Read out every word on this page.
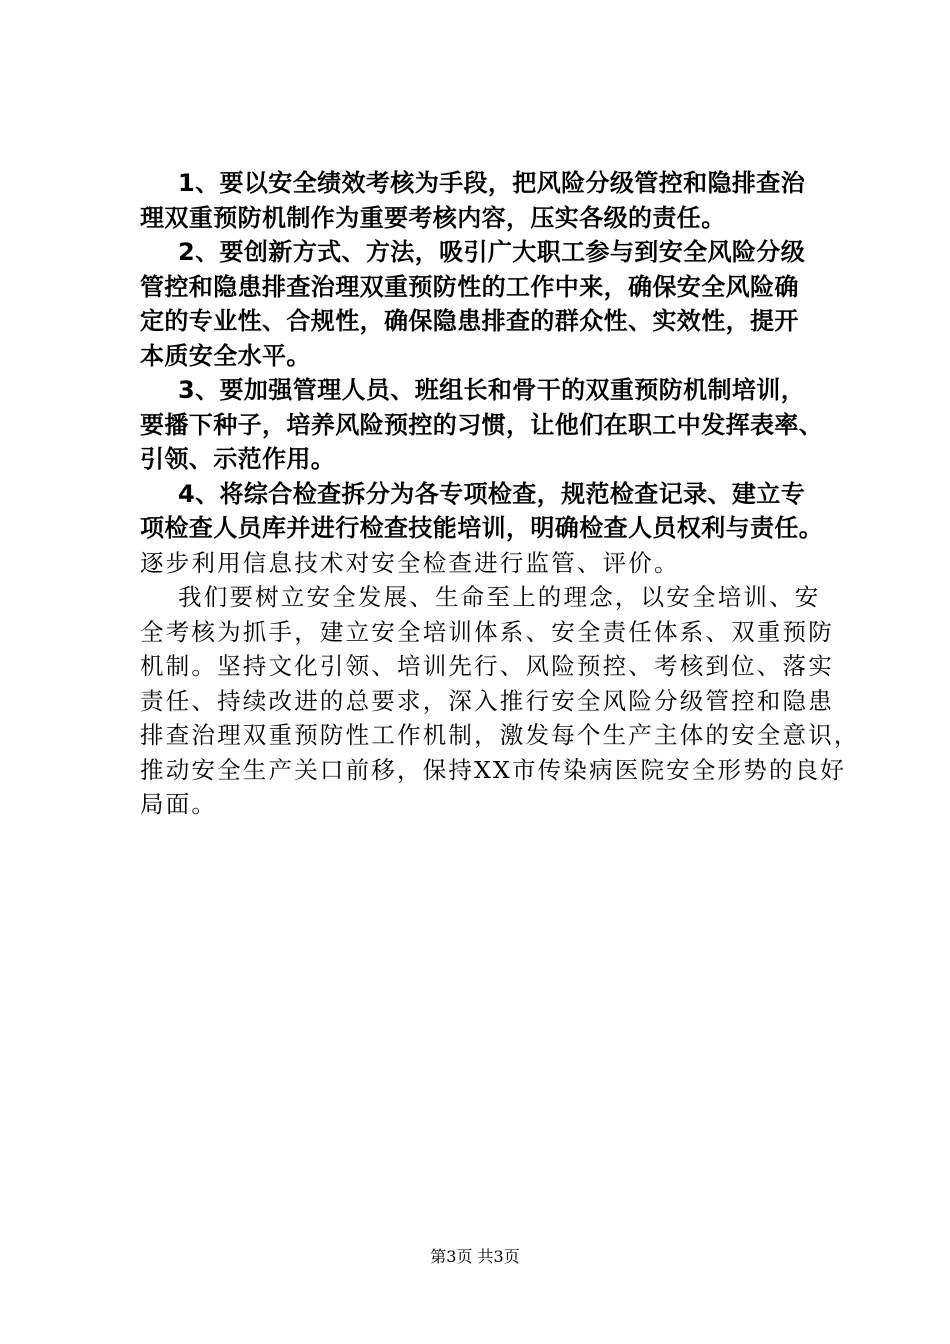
1、要以安全绩效考核为手段，把风险分级管控和隐排查治
理双重预防机制作为重要考核内容，压实各级的责任。
2、要创新方式、方法，吸引广大职工参与到安全风险分级
管控和隐患排查治理双重预防性的工作中来，确保安全风险确
定的专业性、合规性，确保隐患排查的群众性、实效性，提开
本质安全水平。
3、要加强管理人员、班组长和骨干的双重预防机制培训，
要播下种子，培养风险预控的习惯，让他们在职工中发挥表率、
引领、示范作用。
4、将综合检查拆分为各专项检查，规范检查记录、建立专
项检查人员库并进行检查技能培训，明确检查人员权利与责任。
逐步利用信息技术对安全检查进行监管、评价。
我们要树立安全发展、生命至上的理念，以安全培训、安
全考核为抓手，建立安全培训体系、安全责任体系、双重预防
机制。坚持文化引领、培训先行、风险预控、考核到位、落实
责任、持续改进的总要求，深入推行安全风险分级管控和隐患
排查治理双重预防性工作机制，激发每个生产主体的安全意识，
推动安全生产关口前移，保持XX市传染病医院安全形势的良好
局面。
第3页 共3页
